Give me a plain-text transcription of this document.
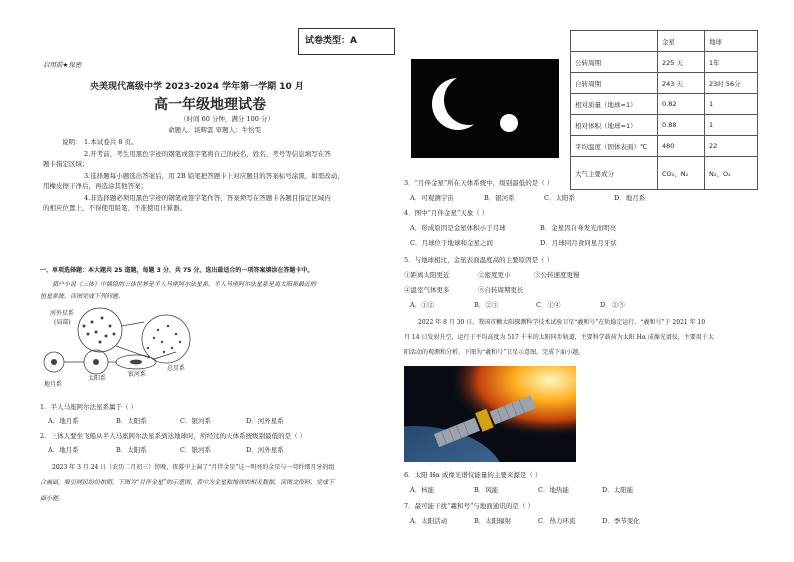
启用前★保密
央美现代高级中学 2023-2024 学年第一学期 10 月
高一年级地理试卷
（时间 60 分钟，满分 100 分）
命题人：谈辉雲 审题人：牛怡雯
说明： 1.本试卷共 8 页。
2.开考前，考生用黑色字迹的钢笔或签字笔将自己的校名、姓名、考号等信息填写在答
题卡指定区域；
3.选择题每小题选出答案后，用 2B 铅笔把答题卡上对应题目的答案标号涂黑，如需改动，
用橡皮擦干净后，再选涂其他答案；
4.非选择题必须用黑色字迹的钢笔或签字笔作答，答案须写在答题卡各题目指定区域内
的相应位置上，不得使用铅笔、不准使用计算器。
一、单项选择题：本大题共 25 道题，每题 3 分，共 75 分。选出最适合的一项答案填涂在答题卡中。
猎户小说《三体》中描绘的三体世界是半人马座阿尔法星系。半人马座阿尔法星系是离太阳系最近的
恒星系统。读图完成下列问题。
河外星系
(局部)
总星系
地月系
太阳系
银河系
1．半人马座阿尔法星系属于（ ）
A．地月系	B．太阳系	C．银河系	D．河外星系
2．三体人要坐飞船从半人马座阿尔法星系到达地球时，所经过的天体系统级别最低的是（ ）
A．地月系	B．太阳系	C．银河系	D．河外星系
2023 年 3 月 24 日（农历二月初三）傍晚，夜幕中上演了“月伴金星”这一明亮的金星与一弯纤细月牙的组
合画面，吸引网民纷纷拍照。下图为“月伴金星”的示意图，表中为金星和地球的相关数据。读图文资料，完成下
面小题。
试卷类型：A
		金星	地球
公转周期	225 天	1年
自转周期	243 天	23时 56分
相对质量（地球=1）	0.82	1
相对体积（地球=1）	0.88	1
平均温度（固体表面）℃	480	22
大气主要成分	CO₂、N₂	N₂、O₂
3．“月伴金星”所在天体系统中，级别最低的是（ ）
A．可观测宇宙	B．银河系	C．太阳系	D．地月系
4．图中“月伴金星”天象（ ）
A．形成原因是金星体积小于月球	B．金星因自身发光而明亮
C．月球位于地球和金星之间	D．月球同月食同星月牙状
5．与地球相比，金星表面温度高的主要原因是（ ）
①距离太阳更近	②密度更小	③公转速度更慢
④温室气体更多	⑤自转周期更长
A．①②	B．②③	C．①④	D．②⑤
2022 年 8 月 30 日，我国首颗太阳探测科学技术试验卫星“羲和号”在轨稳定运行。“羲和号”于 2021 年 10
月 14 日发射升空，运行于平均高度为 517 千米的太阳同步轨道，主要科学载荷为太阳 Hα 成像光谱仪，主要用于太
阳活动的观测和分析。下图为“羲和号”卫星示意图。完成下面小题。
6．太阳 Hα 成像光谱仪能量的主要来源是（ ）
A．核能	B．风能	C．地热能	D．太阳能
7．最可能干扰“羲和号”与地面通讯的是（ ）
A．太阳活动	B．太阳辐射	C．热力环流	D．季节变化
